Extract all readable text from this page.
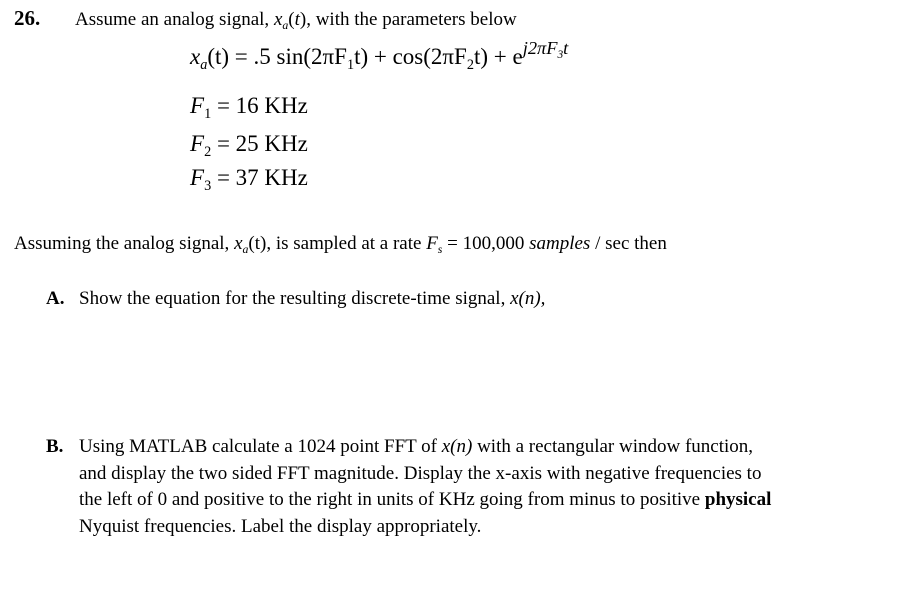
26. Assume an analog signal, $x_a(t)$, with the parameters below
$x_a(t) = .5$ $\sin(2\pi F_1t) + \cos(2\pi F_2t) + e^{j2\pi F_3t}$
$F_1 = 16$ KHz
$F_2 = 25$ KHz
$F_3 = 37$ KHz
Assuming the analog signal, $x_a(t)$, is sampled at a rate $F_s = 100,000$ samples / sec then
A. Show the equation for the resulting discrete-time signal, x(n),
B. Using MATLAB calculate a 1024 point FFT of x(n) with a rectangular window function,
and display the two sided FFT magnitude. Display the x-axis with negative frequencies to
the left of 0 and positive to the right in units of KHz going from minus to positive physical
Nyquist frequencies. Label the display appropriately.
